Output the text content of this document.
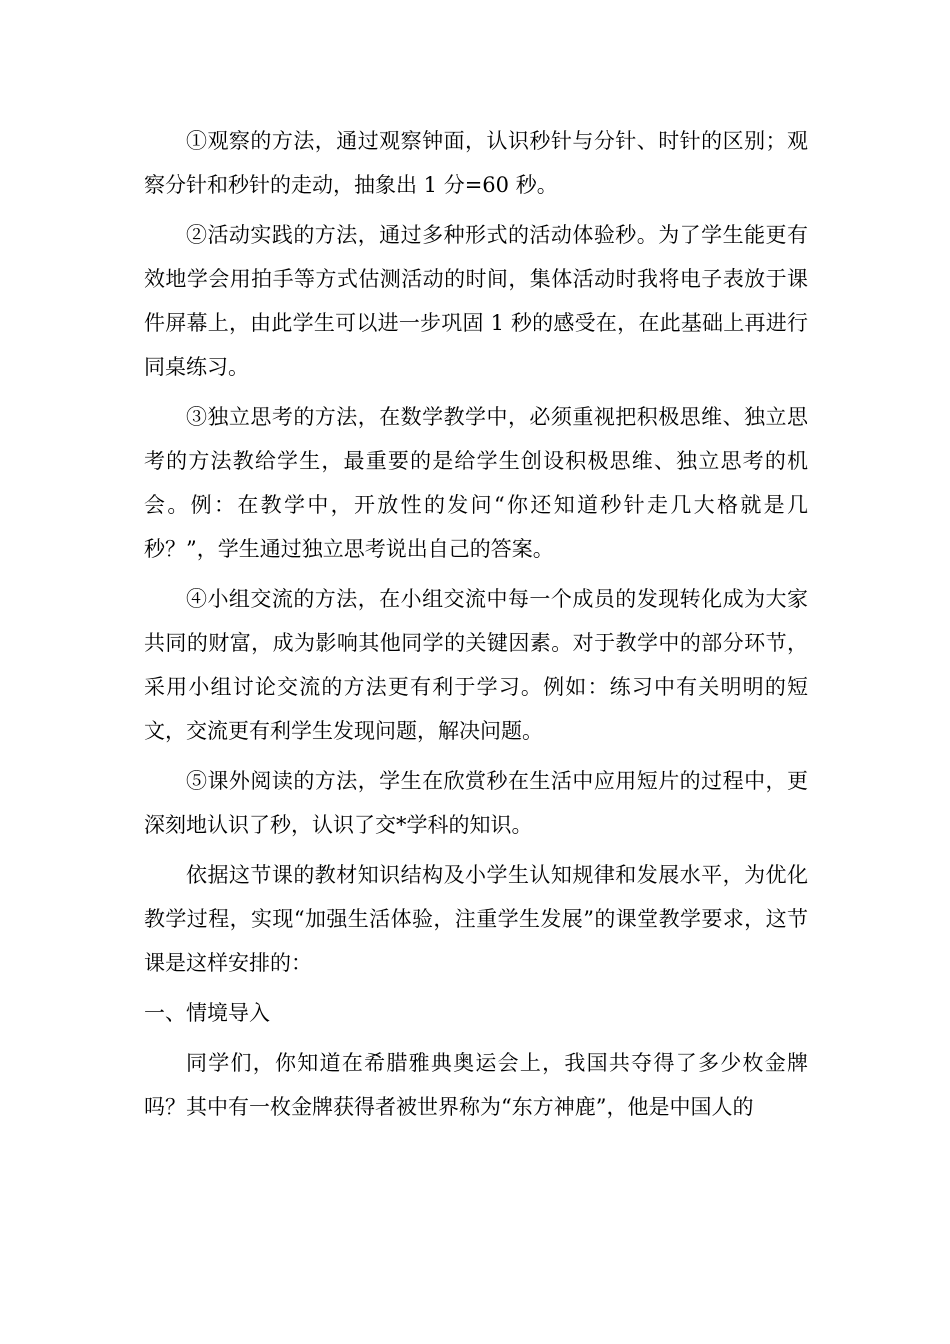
①观察的方法，通过观察钟面，认识秒针与分针、时针的区别；观察分针和秒针的走动，抽象出 1 分=60 秒。

②活动实践的方法，通过多种形式的活动体验秒。为了学生能更有效地学会用拍手等方式估测活动的时间，集体活动时我将电子表放于课件屏幕上，由此学生可以进一步巩固 1 秒的感受在，在此基础上再进行同桌练习。

③独立思考的方法，在数学教学中，必须重视把积极思维、独立思考的方法教给学生，最重要的是给学生创设积极思维、独立思考的机会。例：在教学中，开放性的发问“你还知道秒针走几大格就是几秒？”，学生通过独立思考说出自己的答案。

④小组交流的方法，在小组交流中每一个成员的发现转化成为大家共同的财富，成为影响其他同学的关键因素。对于教学中的部分环节，采用小组讨论交流的方法更有利于学习。例如：练习中有关明明的短文，交流更有利学生发现问题，解决问题。

⑤课外阅读的方法，学生在欣赏秒在生活中应用短片的过程中，更深刻地认识了秒，认识了交*学科的知识。

依据这节课的教材知识结构及小学生认知规律和发展水平，为优化教学过程，实现“加强生活体验，注重学生发展”的课堂教学要求，这节课是这样安排的：

一、情境导入

同学们，你知道在希腊雅典奥运会上，我国共夺得了多少枚金牌吗？其中有一枚金牌获得者被世界称为“东方神鹿”，他是中国人的
